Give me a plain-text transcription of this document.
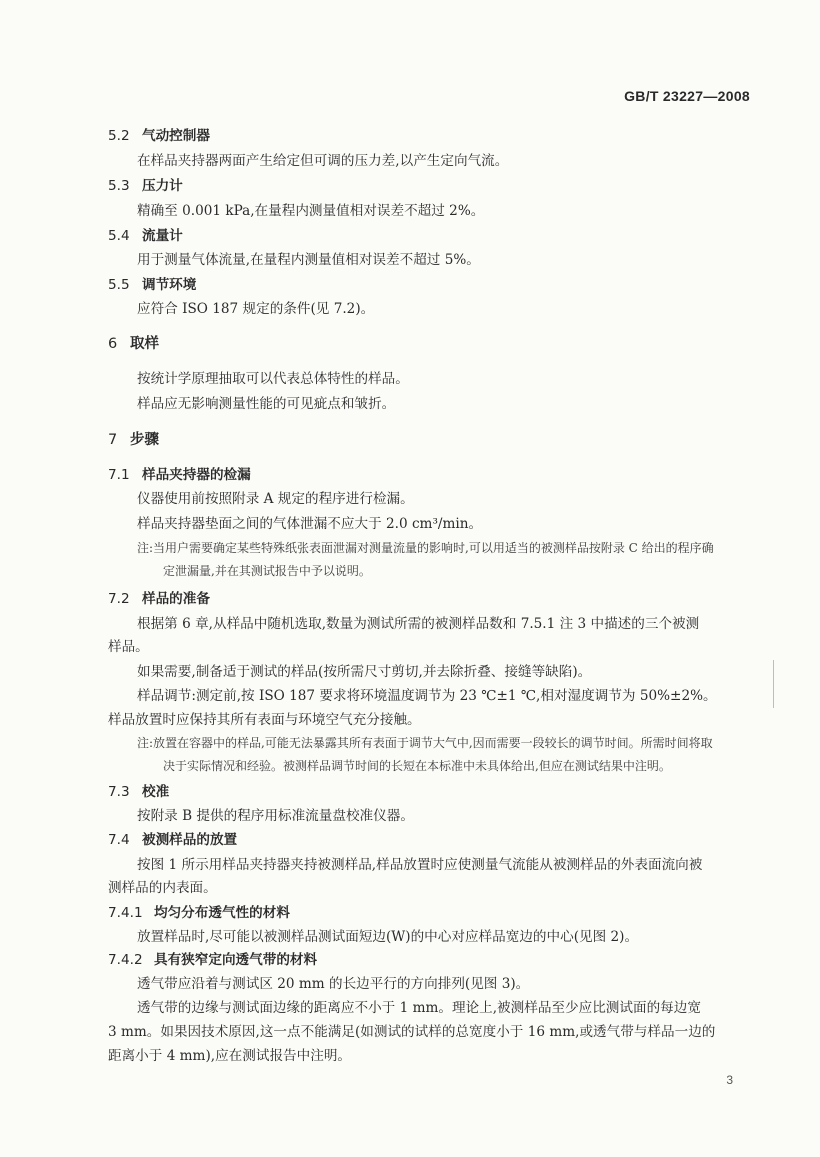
GB/T 23227—2008
5.2 气动控制器
在样品夹持器两面产生给定但可调的压力差,以产生定向气流。
5.3 压力计
精确至 0.001 kPa,在量程内测量值相对误差不超过 2%。
5.4 流量计
用于测量气体流量,在量程内测量值相对误差不超过 5%。
5.5 调节环境
应符合 ISO 187 规定的条件(见 7.2)。
6 取样
按统计学原理抽取可以代表总体特性的样品。
样品应无影响测量性能的可见疵点和皱折。
7 步骤
7.1 样品夹持器的检漏
仪器使用前按照附录 A 规定的程序进行检漏。
样品夹持器垫面之间的气体泄漏不应大于 2.0 cm³/min。
注:当用户需要确定某些特殊纸张表面泄漏对测量流量的影响时,可以用适当的被测样品按附录 C 给出的程序确
定泄漏量,并在其测试报告中予以说明。
7.2 样品的准备
根据第 6 章,从样品中随机选取,数量为测试所需的被测样品数和 7.5.1 注 3 中描述的三个被测
样品。
如果需要,制备适于测试的样品(按所需尺寸剪切,并去除折叠、接缝等缺陷)。
样品调节:测定前,按 ISO 187 要求将环境温度调节为 23 ℃±1 ℃,相对湿度调节为 50%±2%。
样品放置时应保持其所有表面与环境空气充分接触。
注:放置在容器中的样品,可能无法暴露其所有表面于调节大气中,因而需要一段较长的调节时间。所需时间将取
决于实际情况和经验。被测样品调节时间的长短在本标准中未具体给出,但应在测试结果中注明。
7.3 校准
按附录 B 提供的程序用标准流量盘校准仪器。
7.4 被测样品的放置
按图 1 所示用样品夹持器夹持被测样品,样品放置时应使测量气流能从被测样品的外表面流向被
测样品的内表面。
7.4.1 均匀分布透气性的材料
放置样品时,尽可能以被测样品测试面短边(W)的中心对应样品宽边的中心(见图 2)。
7.4.2 具有狭窄定向透气带的材料
透气带应沿着与测试区 20 mm 的长边平行的方向排列(见图 3)。
透气带的边缘与测试面边缘的距离应不小于 1 mm。理论上,被测样品至少应比测试面的每边宽
3 mm。如果因技术原因,这一点不能满足(如测试的试样的总宽度小于 16 mm,或透气带与样品一边的
距离小于 4 mm),应在测试报告中注明。
3
